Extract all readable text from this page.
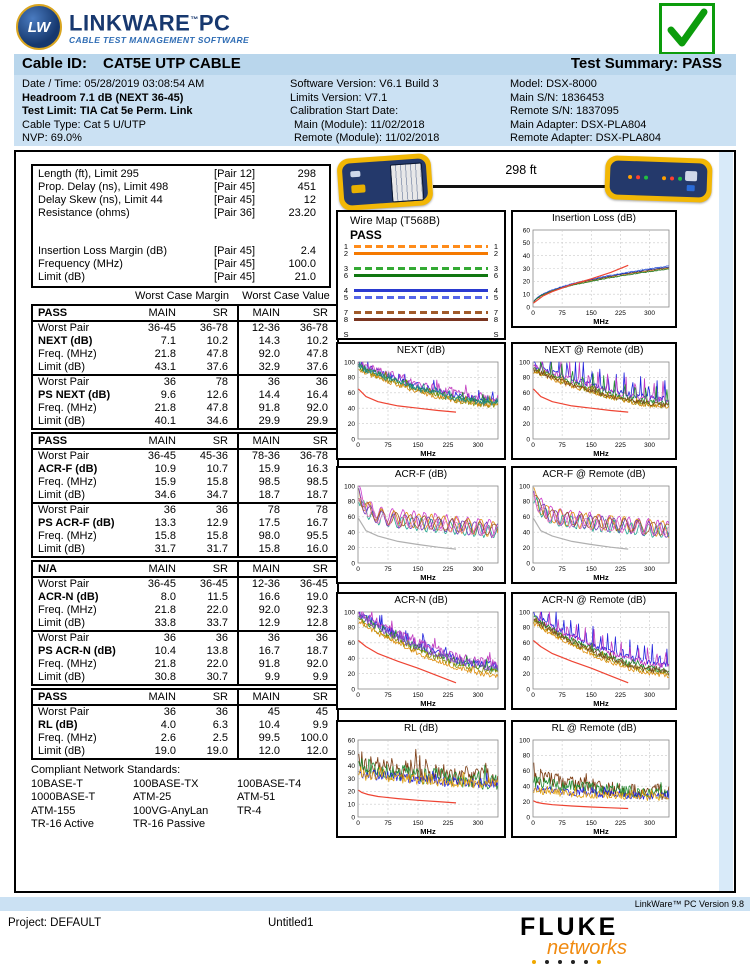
LW LINKWARE™PC
CABLE TEST MANAGEMENT SOFTWARE
Cable ID: CAT5E UTP CABLE	Test Summary: PASS
Date / Time: 05/28/2019 03:08:54 AM
Headroom 7.1 dB (NEXT 36-45)
Test Limit: TIA Cat 5e Perm. Link
Cable Type: Cat 5 U/UTP
NVP: 69.0%
Software Version: V6.1 Build 3
Limits Version: V7.1
Calibration Start Date:
Main (Module): 11/02/2018
Remote (Module): 11/02/2018
Model: DSX-8000
Main S/N: 1836453
Remote S/N: 1837095
Main Adapter: DSX-PLA804
Remote Adapter: DSX-PLA804
Length (ft), Limit 295	[Pair 12]	298
Prop. Delay (ns), Limit 498	[Pair 45]	451
Delay Skew (ns), Limit 44	[Pair 45]	12
Resistance (ohms)	[Pair 36]	23.20
Insertion Loss Margin (dB)	[Pair 45]	2.4
Frequency (MHz)	[Pair 45]	100.0
Limit (dB)	[Pair 45]	21.0
Worst Case Margin	Worst Case Value
PASS	MAIN	SR	MAIN	SR
Worst Pair	36-45	36-78	12-36	36-78
NEXT (dB)	7.1	10.2	14.3	10.2
Freq. (MHz)	21.8	47.8	92.0	47.8
Limit (dB)	43.1	37.6	32.9	37.6
Worst Pair	36	78	36	36
PS NEXT (dB)	9.6	12.6	14.4	16.4
Freq. (MHz)	21.8	47.8	91.8	92.0
Limit (dB)	40.1	34.6	29.9	29.9
PASS	MAIN	SR	MAIN	SR
Worst Pair	36-45	45-36	78-36	36-78
ACR-F (dB)	10.9	10.7	15.9	16.3
Freq. (MHz)	15.9	15.8	98.5	98.5
Limit (dB)	34.6	34.7	18.7	18.7
Worst Pair	36	36	78	78
PS ACR-F (dB)	13.3	12.9	17.5	16.7
Freq. (MHz)	15.8	15.8	98.0	95.5
Limit (dB)	31.7	31.7	15.8	16.0
N/A	MAIN	SR	MAIN	SR
Worst Pair	36-45	36-45	12-36	36-45
ACR-N (dB)	8.0	11.5	16.6	19.0
Freq. (MHz)	21.8	22.0	92.0	92.3
Limit (dB)	33.8	33.7	12.9	12.8
Worst Pair	36	36	36	36
PS ACR-N (dB)	10.4	13.8	16.7	18.7
Freq. (MHz)	21.8	22.0	91.8	92.0
Limit (dB)	30.8	30.7	9.9	9.9
PASS	MAIN	SR	MAIN	SR
Worst Pair	36	36	45	45
RL (dB)	4.0	6.3	10.4	9.9
Freq. (MHz)	2.6	2.5	99.5	100.0
Limit (dB)	19.0	19.0	12.0	12.0
Compliant Network Standards:
10BASE-T	100BASE-TX	100BASE-T4
1000BASE-T	ATM-25	ATM-51
ATM-155	100VG-AnyLan	TR-4
TR-16 Active	TR-16 Passive
298 ft
Wire Map (T568B)
PASS
1	1
2	2
3	3
6	6
4	4
5	5
7	7
8	8
S	S
Insertion Loss (dB)
0
10
20
30
40
50
60
0	75	150	225	300
MHz
NEXT (dB)
0
20
40
60
80
100
0	75	150	225	300
MHz
NEXT @ Remote (dB)
0
20
40
60
80
100
0	75	150	225	300
MHz
ACR-F (dB)
0
20
40
60
80
100
0	75	150	225	300
MHz
ACR-F @ Remote (dB)
0
20
40
60
80
100
0	75	150	225	300
MHz
ACR-N (dB)
0
20
40
60
80
100
0	75	150	225	300
MHz
ACR-N @ Remote (dB)
0
20
40
60
80
100
0	75	150	225	300
MHz
RL (dB)
0
10
20
30
40
50
60
0	75	150	225	300
MHz
RL @ Remote (dB)
0
20
40
60
80
100
0	75	150	225	300
MHz
LinkWare™ PC Version 9.8
Project: DEFAULT	Untitled1	FLUKE
networks
